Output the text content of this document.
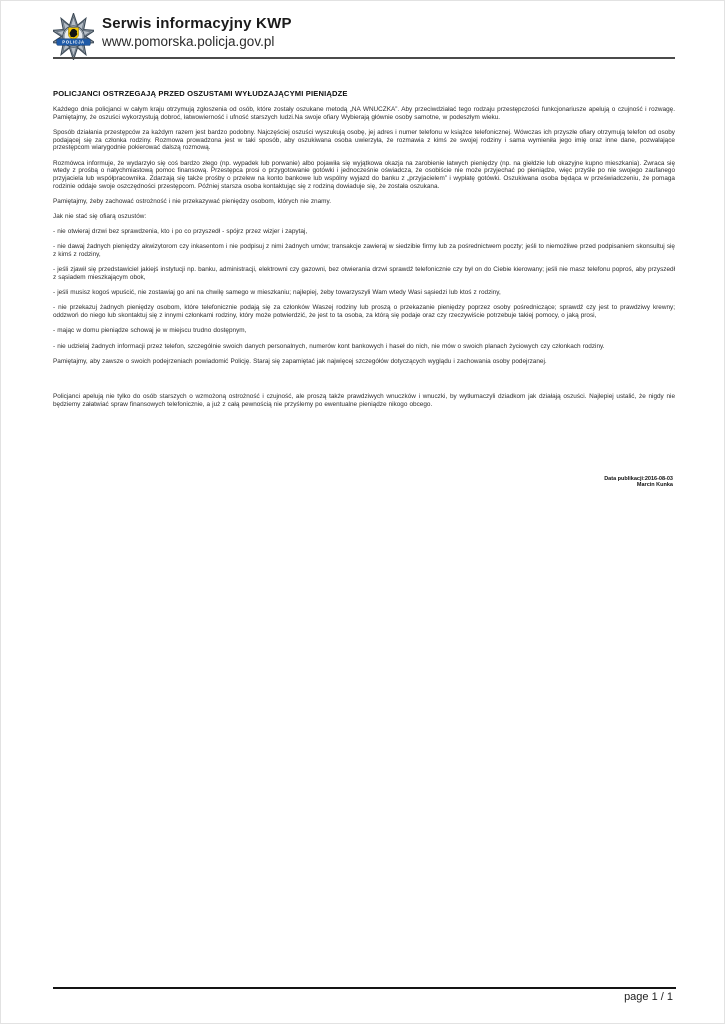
POLICJA
Serwis informacyjny KWP
www.pomorska.policja.gov.pl
POLICJANCI OSTRZEGAJĄ PRZED OSZUSTAMI WYŁUDZAJĄCYMI PIENIĄDZE

Każdego dnia policjanci w całym kraju otrzymują zgłoszenia od osób, które zostały oszukane metodą „NA WNUCZKA”. Aby przeciwdziałać tego rodzaju przestępczości funkcjonariusze apelują o czujność i rozwagę. Pamiętajmy, że oszuści wykorzystują dobroć, łatwowierność i ufność starszych ludzi.Na swoje ofiary Wybierają głównie osoby samotne, w podeszłym wieku.

Sposób działania przestępców za każdym razem jest bardzo podobny. Najczęściej oszuści wyszukują osobę, jej adres i numer telefonu w książce telefonicznej. Wówczas ich przyszłe ofiary otrzymują telefon od osoby podającej się za członka rodziny. Rozmowa prowadzona jest w taki sposób, aby oszukiwana osoba uwierzyła, że rozmawia z kimś ze swojej rodziny i sama wymieniła jego imię oraz inne dane, pozwalające przestępcom wiarygodnie pokierować dalszą rozmową.

Rozmówca informuje, że wydarzyło się coś bardzo złego (np. wypadek lub porwanie) albo pojawiła się wyjątkowa okazja na zarobienie łatwych pieniędzy (np. na giełdzie lub okazyjne kupno mieszkania). Zwraca się wtedy z prośbą o natychmiastową pomoc finansową. Przestępca prosi o przygotowanie gotówki i jednocześnie oświadcza, że osobiście nie może przyjechać po pieniądze, więc przyśle po nie swojego zaufanego przyjaciela lub współpracownika. Zdarzają się także prośby o przelew na konto bankowe lub wspólny wyjazd do banku z „przyjacielem” i wypłatę gotówki. Oszukiwana osoba będąca w przeświadczeniu, że pomaga rodzinie oddaje swoje oszczędności przestępcom. Później starsza osoba kontaktując się z rodziną dowiaduje się, że została oszukana.

Pamiętajmy, żeby zachować ostrożność i nie przekazywać pieniędzy osobom, których nie znamy.

Jak nie stać się ofiarą oszustów:

- nie otwieraj drzwi bez sprawdzenia, kto i po co przyszedł - spójrz przez wizjer i zapytaj,

- nie dawaj żadnych pieniędzy akwizytorom czy inkasentom i nie podpisuj z nimi żadnych umów; transakcje zawieraj w siedzibie firmy lub za pośrednictwem poczty; jeśli to niemożliwe przed podpisaniem skonsultuj się z kimś z rodziny,

- jeśli zjawił się przedstawiciel jakiejś instytucji np. banku, administracji, elektrowni czy gazowni, bez otwierania drzwi sprawdź telefonicznie czy był on do Ciebie kierowany; jeśli nie masz telefonu poproś, aby przyszedł z sąsiadem mieszkającym obok,

- jeśli musisz kogoś wpuścić, nie zostawiaj go ani na chwilę samego w mieszkaniu; najlepiej, żeby towarzyszyli Wam wtedy Wasi sąsiedzi lub ktoś z rodziny,

- nie przekazuj żadnych pieniędzy osobom, które telefonicznie podają się za członków Waszej rodziny lub proszą o przekazanie pieniędzy poprzez osoby pośredniczące; sprawdź czy jest to prawdziwy krewny; oddzwoń do niego lub skontaktuj się z innymi członkami rodziny, który może potwierdzić, że jest to ta osoba, za którą się podaje oraz czy rzeczywiście potrzebuje takiej pomocy, o jaką prosi,

- mając w domu pieniądze schowaj je w miejscu trudno dostępnym,

- nie udzielaj żadnych informacji przez telefon, szczególnie swoich danych personalnych, numerów kont bankowych i haseł do nich, nie mów o swoich planach życiowych czy członkach rodziny.

Pamiętajmy, aby zawsze o swoich podejrzeniach powiadomić Policję. Staraj się zapamiętać jak najwięcej szczegółów dotyczących wyglądu i zachowania osoby podejrzanej.

Policjanci apelują nie tylko do osób starszych o wzmożoną ostrożność i czujność, ale proszą także prawdziwych wnuczków i wnuczki, by wytłumaczyli dziadkom jak działają oszuści. Najlepiej ustalić, że nigdy nie będziemy załatwiać spraw finansowych telefonicznie, a już z całą pewnością nie przyślemy po ewentualne pieniądze nikogo obcego.

Data publikacji:2016-08-03
Marcin Kunka
page 1 / 1
